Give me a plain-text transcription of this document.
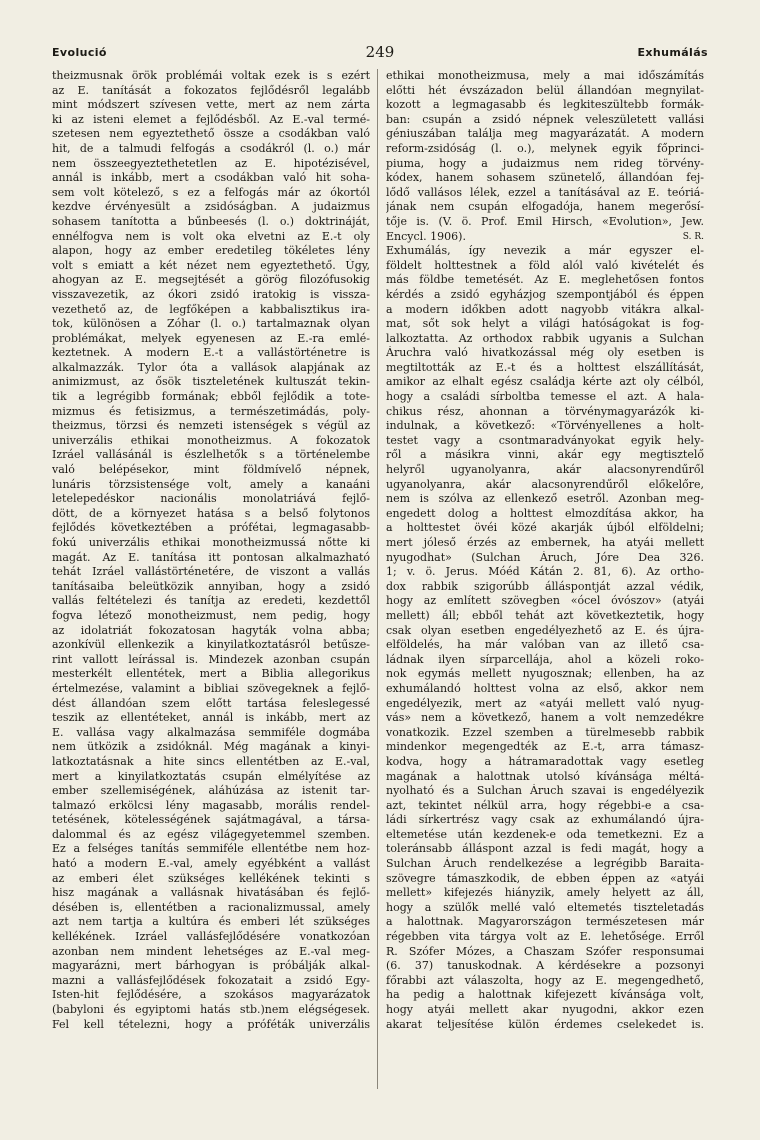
Evolució	249	Exhumálás
theizmusnak örök problémái voltak ezek is s ezért
az E. tanítását a fokozatos fejlődésről legalább
mint módszert szívesen vette, mert az nem zárta
ki az isteni elemet a fejlődésből. Az E.-val termé-
szetesen nem egyeztethető össze a csodákban való
hit, de a talmudi felfogás a csodákról (l. o.) már
nem összeegyeztethetetlen az E. hipotézisével,
annál is inkább, mert a csodákban való hit soha-
sem volt kötelező, s ez a felfogás már az ókortól
kezdve érvényesült a zsidóságban. A judaizmus
sohasem tanította a bűnbeesés (l. o.) doktrináját,
ennélfogva nem is volt oka elvetni az E.-t oly
alapon, hogy az ember eredetileg tökéletes lény
volt s emiatt a két nézet nem egyeztethető. Úgy,
ahogyan az E. megsejtését a görög filozófusokig
visszavezetik, az ókori zsidó iratokig is vissza-
vezethető az, de legfőképen a kabbalisztikus ira-
tok, különösen a Zóhar (l. o.) tartalmaznak olyan
problémákat, melyek egyenesen az E.-ra emlé-
keztetnek. A modern E.-t a vallástörténetre is
alkalmazzák. Tylor óta a vallások alapjának az
animizmust, az ősök tiszteletének kultuszát tekin-
tik a legrégibb formának; ebből fejlődik a tote-
mizmus és fetisizmus, a természetimádás, poly-
theizmus, törzsi és nemzeti istenségek s végül az
univerzális ethikai monotheizmus. A fokozatok
Izráel vallásánál is észlelhetők s a történelembe
való belépésekor, mint földmívelő népnek,
lunáris törzsistensége volt, amely a kanaáni
letelepedéskor nacionális monolatriává fejlő-
dött, de a környezet hatása s a belső folytonos
fejlődés következtében a prófétai, legmagasabb-
fokú univerzális ethikai monotheizmussá nőtte ki
magát. Az E. tanítása itt pontosan alkalmazható
tehát Izráel vallástörténetére, de viszont a vallás
tanításaiba beleütközik annyiban, hogy a zsidó
vallás feltételezi és tanítja az eredeti, kezdettől
fogva létező monotheizmust, nem pedig, hogy
az idolatriát fokozatosan hagyták volna abba;
azonkívül ellenkezik a kinyilatkoztatásról betűsze-
rint vallott leírással is. Mindezek azonban csupán
mesterkélt ellentétek, mert a Biblia allegorikus
értelmezése, valamint a bibliai szövegeknek a fejlő-
dést állandóan szem előtt tartása feleslegessé
teszik az ellentéteket, annál is inkább, mert az
E. vallása vagy alkalmazása semmiféle dogmába
nem ütközik a zsidóknál. Még magának a kinyi-
latkoztatásnak a hite sincs ellentétben az E.-val,
mert a kinyilatkoztatás csupán elmélyítése az
ember szellemiségének, aláhúzása az istenit tar-
talmazó erkölcsi lény magasabb, morális rendel-
tetésének, kötelességének sajátmagával, a társa-
dalommal és az egész világegyetemmel szemben.
Ez a felséges tanítás semmiféle ellentétbe nem hoz-
ható a modern E.-val, amely egyébként a vallást
az emberi élet szükséges kellékének tekinti s
hisz magának a vallásnak hivatásában és fejlő-
désében is, ellentétben a racionalizmussal, amely
azt nem tartja a kultúra és emberi lét szükséges
kellékének. Izráel vallásfejlődésére vonatkozóan
azonban nem mindent lehetséges az E.-val meg-
magyarázni, mert bárhogyan is próbálják alkal-
mazni a vallásfejlődések fokozatait a zsidó Egy-
Isten-hit fejlődésére, a szokásos magyarázatok
(babyloni és egyiptomi hatás stb.)nem elégségesek.
Fel kell tételezni, hogy a próféták univerzális
ethikai monotheizmusa, mely a mai időszámítás
előtti hét évszázadon belül állandóan megnyilat-
kozott a legmagasabb és legkiteszültebb formák-
ban: csupán a zsidó népnek veleszületett vallási
géniuszában találja meg magyarázatát. A modern
reform-zsidóság (l. o.), melynek egyik főprinci-
piuma, hogy a judaizmus nem rideg törvény-
kódex, hanem sohasem szünetelő, állandóan fej-
lődő vallásos lélek, ezzel a tanításával az E. teóriá-
jának nem csupán elfogadója, hanem megerősí-
tője is. (V. ö. Prof. Emil Hirsch, «Evolution», Jew.
Encycl. 1906).	S. R.
Exhumálás, így nevezik a már egyszer el-
földelt holttestnek a föld alól való kivételét és
más földbe temetését. Az E. meglehetősen fontos
kérdés a zsidó egyházjog szempontjából és éppen
a modern időkben adott nagyobb vitákra alkal-
mat, sőt sok helyt a világi hatóságokat is fog-
lalkoztatta. Az orthodox rabbik ugyanis a Sulchan
Áruchra való hivatkozással még oly esetben is
megtiltották az E.-t és a holttest elszállítását,
amikor az elhalt egész családja kérte azt oly célból,
hogy a családi sírboltba temesse el azt. A hala-
chikus rész, ahonnan a törvénymagyarázók ki-
indulnak, a következő: «Törvényellenes a holt-
testet vagy a csontmaradványokat egyik hely-
ről a másikra vinni, akár egy megtisztelő
helyről ugyanolyanra, akár alacsonyrendűről
ugyanolyanra, akár alacsonyrendűről előkelőre,
nem is szólva az ellenkező esetről. Azonban meg-
engedett dolog a holttest elmozdítása akkor, ha
a holttestet övéi közé akarják újból elföldelni;
mert jóleső érzés az embernek, ha atyái mellett
nyugodhat» (Sulchan Áruch, Jóre Dea 326.
1; v. ö. Jerus. Móéd Kátán 2. 81, 6). Az ortho-
dox rabbik szigorúbb álláspontját azzal védik,
hogy az említett szövegben «ócel óvószov» (atyái
mellett) áll; ebből tehát azt következtetik, hogy
csak olyan esetben engedélyezhető az E. és újra-
elföldelés, ha már valóban van az illető csa-
ládnak ilyen sírparcellája, ahol a közeli roko-
nok egymás mellett nyugosznak; ellenben, ha az
exhumálandó holttest volna az első, akkor nem
engedélyezik, mert az «atyái mellett való nyug-
vás» nem a következő, hanem a volt nemzedékre
vonatkozik. Ezzel szemben a türelmesebb rabbik
mindenkor megengedték az E.-t, arra támasz-
kodva, hogy a hátramaradottak vagy esetleg
magának a halottnak utolsó kívánsága méltá-
nyolható és a Sulchan Áruch szavai is engedélyezik
azt, tekintet nélkül arra, hogy régebbi-e a csa-
ládi sírkertrész vagy csak az exhumálandó újra-
eltemetése után kezdenek-e oda temetkezni. Ez a
toleránsabb álláspont azzal is fedi magát, hogy a
Sulchan Áruch rendelkezése a legrégibb Baraita-
szövegre támaszkodik, de ebben éppen az «atyái
mellett» kifejezés hiányzik, amely helyett az áll,
hogy a szülők mellé való eltemetés tiszteletadás
a halottnak. Magyarországon természetesen már
régebben vita tárgya volt az E. lehetősége. Erről
R. Szófer Mózes, a Chaszam Szófer responsumai
(6. 37) tanuskodnak. A kérdésekre a pozsonyi
főrabbi azt válaszolta, hogy az E. megengedhető,
ha pedig a halottnak kifejezett kívánsága volt,
hogy atyái mellett akar nyugodni, akkor ezen
akarat teljesítése külön érdemes cselekedet is.
